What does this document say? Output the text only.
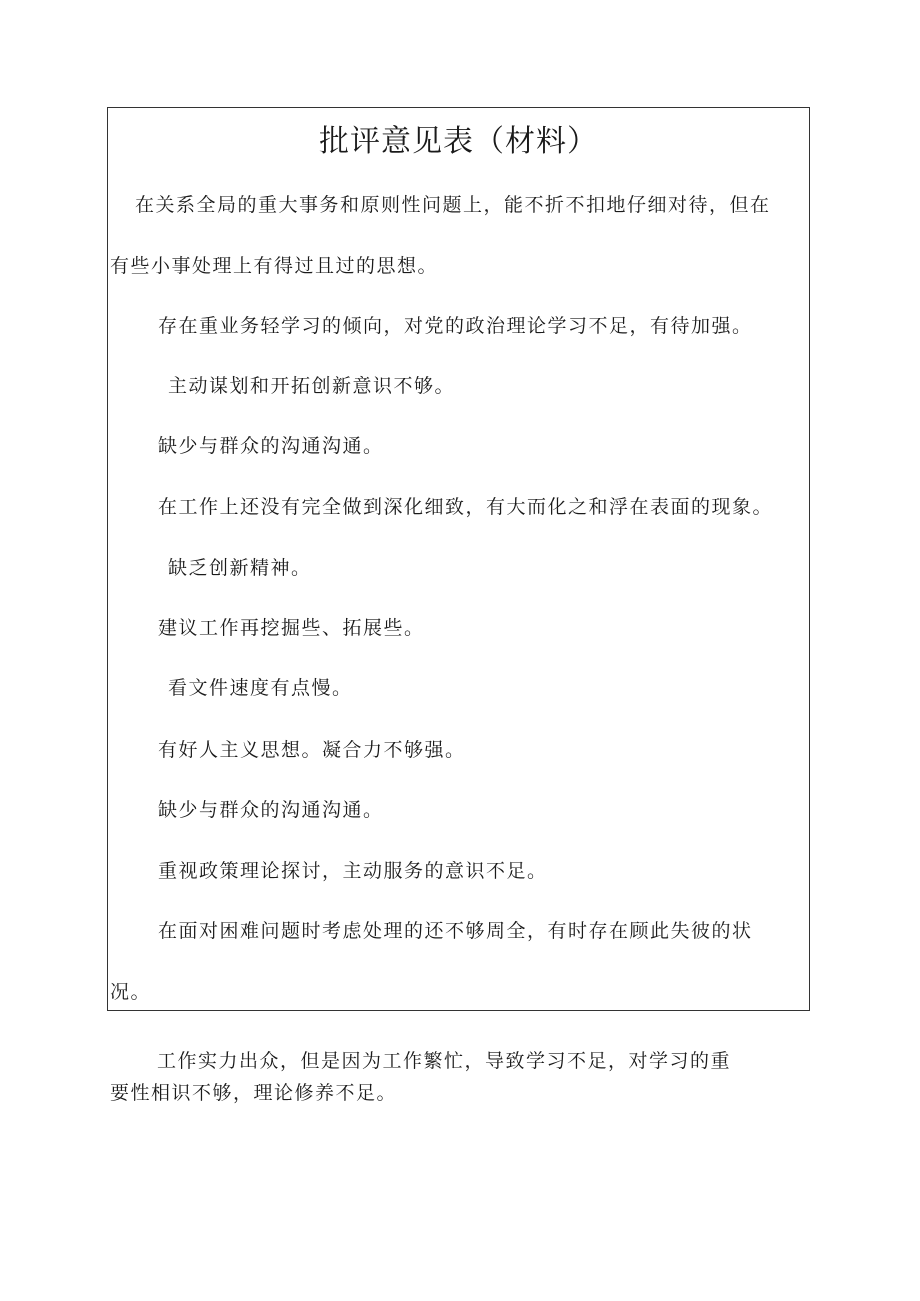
批评意见表（材料）
在关系全局的重大事务和原则性问题上，能不折不扣地仔细对待，但在
有些小事处理上有得过且过的思想。
存在重业务轻学习的倾向，对党的政治理论学习不足，有待加强。
主动谋划和开拓创新意识不够。
缺少与群众的沟通沟通。
在工作上还没有完全做到深化细致，有大而化之和浮在表面的现象。
缺乏创新精神。
建议工作再挖掘些、拓展些。
看文件速度有点慢。
有好人主义思想。凝合力不够强。
缺少与群众的沟通沟通。
重视政策理论探讨，主动服务的意识不足。
在面对困难问题时考虑处理的还不够周全，有时存在顾此失彼的状
况。
工作实力出众，但是因为工作繁忙，导致学习不足，对学习的重
要性相识不够，理论修养不足。
